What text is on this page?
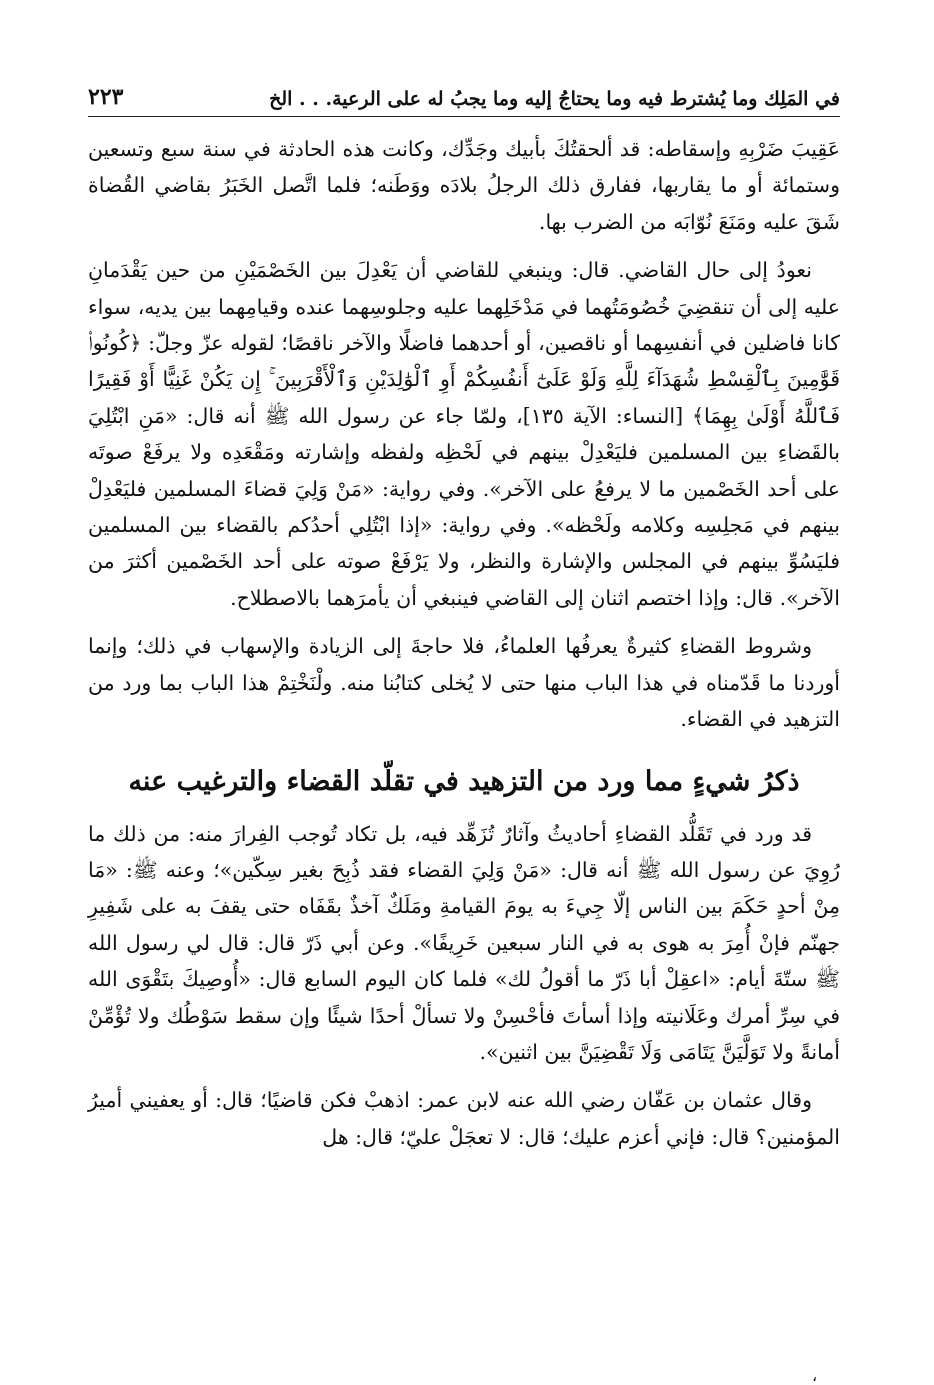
في المَلِك وما يُشترط فيه وما يحتاجُ إليه وما يجبُ له على الرعية. . . الخ
٢٢٣

عَقِيبَ ضَرْبِهِ وإسقاطه: قد ألحقتُكَ بأبيك وجَدِّك، وكانت هذه الحادثة في سنة سبع وتسعين وستمائة أو ما يقاربها، ففارق ذلك الرجلُ بلادَه ووَطَنه؛ فلما اتَّصل الخَبَرُ بقاضي القُضاة شَقَ عليه ومَنَعَ نُوّابَه من الضرب بها.

نعودُ إلى حال القاضي. قال: وينبغي للقاضي أن يَعْدِلَ بين الخَصْمَيْنِ من حين يَقْدَمانِ عليه إلى أن تنقضِيَ خُصُومَتُهما في مَدْخَلِهما عليه وجلوسِهما عنده وقيامِهما بين يديه، سواء كانا فاضلين في أنفسِهما أو ناقصين، أو أحدهما فاضلًا والآخر ناقصًا؛ لقوله عزّ وجلّ: ﴿كُونُوا۟ قَوَّٰمِينَ بِٱلْقِسْطِ شُهَدَآءَ لِلَّهِ وَلَوْ عَلَىٰٓ أَنفُسِكُمْ أَوِ ٱلْوَٰلِدَيْنِ وَٱلْأَقْرَبِينَ ۚ إِن يَكُنْ غَنِيًّا أَوْ فَقِيرًا فَٱللَّهُ أَوْلَىٰ بِهِمَا﴾ [النساء: الآية ١٣٥]، ولمّا جاء عن رسول الله ﷺ أنه قال: «مَنِ ابْتُلِيَ بالقَضاءِ بين المسلمين فليَعْدِلْ بينهم في لَحْظِه ولفظه وإشارته ومَقْعَدِه ولا يرفَعْ صوتَه على أحد الخَصْمين ما لا يرفعُ على الآخر». وفي رواية: «مَنْ وَلِيَ قضاءَ المسلمين فليَعْدِلْ بينهم في مَجلِسِه وكلامه ولَحْظه». وفي رواية: «إذا ابْتُلِي أحدُكم بالقضاء بين المسلمين فليَسُوِّ بينهم في المجلس والإشارة والنظر، ولا يَرْفَعْ صوته على أحد الخَصْمين أكثرَ من الآخر». قال: وإذا اختصم اثنان إلى القاضي فينبغي أن يأمرَهما بالاصطلاح.

وشروط القضاءِ كثيرةٌ يعرفُها العلماءُ، فلا حاجةَ إلى الزيادة والإسهاب في ذلك؛ وإنما أوردنا ما قَدّمناه في هذا الباب منها حتى لا يُخلى كتابُنا منه. ولْنَخْتِمْ هذا الباب بما ورد من التزهيد في القضاء.

ذكرُ شيءٍ مما ورد من التزهيد في تقلّد القضاء والترغيب عنه

قد ورد في تَقَلُّد القضاءِ أحاديثُ وآثارٌ تُزَهِّد فيه، بل تكاد تُوجب الفِرارَ منه: من ذلك ما رُوِيَ عن رسول الله ﷺ أنه قال: «مَنْ وَلِيَ القضاء فقد ذُبِحَ بغير سِكّين»؛ وعنه ﷺ: «مَا مِنْ أحدٍ حَكَمَ بين الناس إلّا جِيءَ به يومَ القيامةِ ومَلَكٌ آخذٌ بقَفَاه حتى يقفَ به على شَفِيرِ جهنّم فإنْ أُمِرَ به هوى به في النار سبعين خَرِيفًا». وعن أبي ذَرّ قال: قال لي رسول الله ﷺ ستّةَ أيام: «اعقِلْ أبا ذَرّ ما أقولُ لك» فلما كان اليوم السابع قال: «أُوصِيكَ بتَقْوَى الله في سِرِّ أمرك وعَلَانيته وإذا أسأتَ فأحْسِنْ ولا تسألْ أحدًا شيئًا وإن سقط سَوْطُك ولا تُؤْمِّنْ أمانةً ولا تَوَلَّيَنَّ يَتَامَى وَلَا تَقْضِيَنَّ بين اثنين».

وقال عثمان بن عَفّان رضي الله عنه لابن عمر: اذهبْ فكن قاضيًا؛ قال: أو يعفيني أميرُ المؤمنين؟ قال: فإني أعزم عليك؛ قال: لا تعجَلْ عليّ؛ قال: هل

،
